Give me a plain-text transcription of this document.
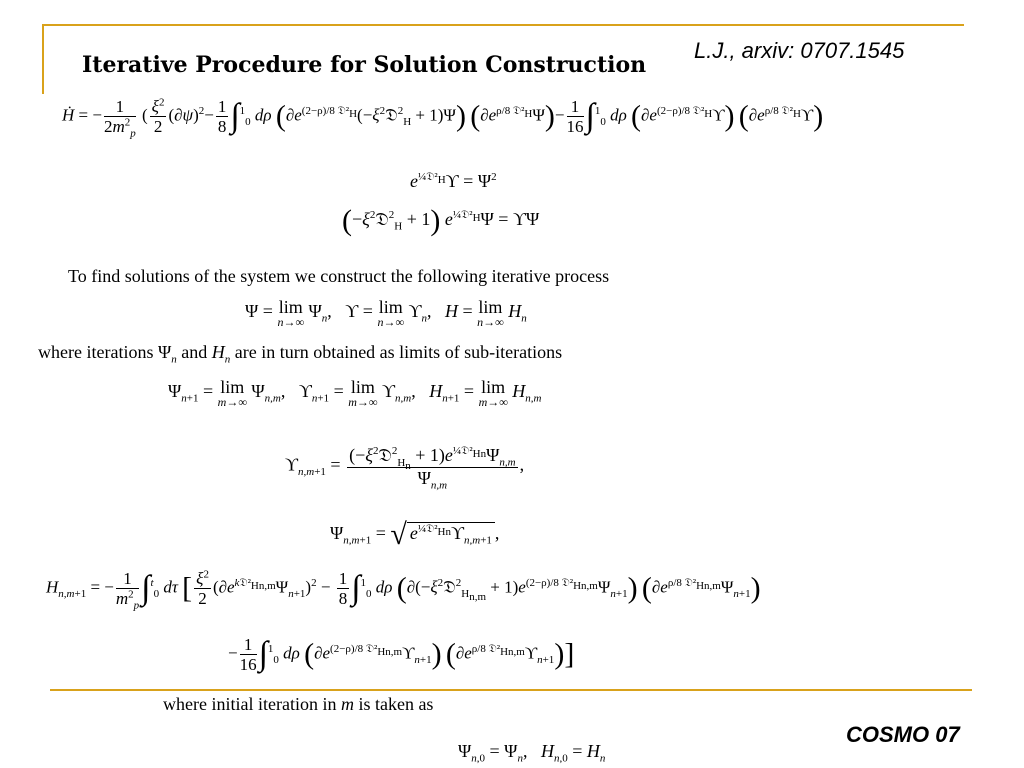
Iterative Procedure for Solution Construction
L.J., arxiv: 0707.1545
Ḣ = − $\frac{1}{2m^2_p}$ ( $\frac{\xi^2}{2} (\partial\psi)^2- \frac{1}{8} \int^1_0$ dρ $(\partial e^{(2-\rho)/8 𝔇^2_H}(-\xi^2𝔇^2_H + 1)\Psi)$ $(\partial e^{\rho/8 𝔇^2_H}\Psi)- \frac{1}{16} \int^1_0$ dρ $(\partial e^{(2-\rho)/8 𝔇^2_H}ϒ)$ $(\partial e^{\rho/8 𝔇^2_H}ϒ)$
$e^{\frac{1}{4}𝔇^2_H}ϒ = \Psi^2$
$(-\xi^2𝔇^2_H + 1) e^{\frac{1}{4}𝔇^2_H}\Psi = ϒ\Psi$
To find solutions of the system we construct the following iterative process
Ψ = lim
n→∞
$\Psi_n$,   ϒ = lim
n→∞
$ϒ_n$,   H = lim
n→∞
$H_n$
where iterations $\Psi_n$ and $H_n$ are in turn obtained as limits of sub-iterations
$\Psi_{n+1} = \lim$
m→∞
$\Psi_{n,m}$,   $ϒ_{n+1} = \lim$
m→∞
$ϒ_{n,m}$,   $H_{n+1} = \lim$
m→∞
$H_{n,m}$
$ϒ_{n,m+1} = \frac{(-\xi^2𝔇^2_{H_n} + 1)e^{\frac{1}{4}𝔇^2_{Hn}}\Psi_{n,m}}{\Psi_{n,m}}$ ,
$\Psi_{n,m+1}$ = √ $e^{\frac{1}{4}𝔇^2_{Hn}}ϒ_{n,m+1}$ ,
$H_{n,m+1}$ = − $\frac{1}{m^2_p} \int^t_0$ dτ [ $\frac{\xi^2}{2} (\partial e^{k𝔇^2_{Hn,m}}\Psi_{n+1})^2 - \frac{1}{8} \int^1_0$ dρ $(\partial(-\xi^2𝔇^2_{H_{n,m}} + 1)e^{(2-\rho)/8 𝔇^2_{Hn,m}}\Psi_{n+1})$ $(\partial e^{\rho/8 𝔇^2_{Hn,m}}\Psi_{n+1})$
− $\frac{1}{16} \int^1_0$ dρ $(\partial e^{(2-\rho)/8 𝔇^2_{Hn,m}}ϒ_{n+1})$ $(\partial e^{\rho/8 𝔇^2_{Hn,m}}ϒ_{n+1})$]
where initial iteration in m is taken as
$\Psi_{n,0} = \Psi_n$,   $H_{n,0} = H_n$
COSMO 07
